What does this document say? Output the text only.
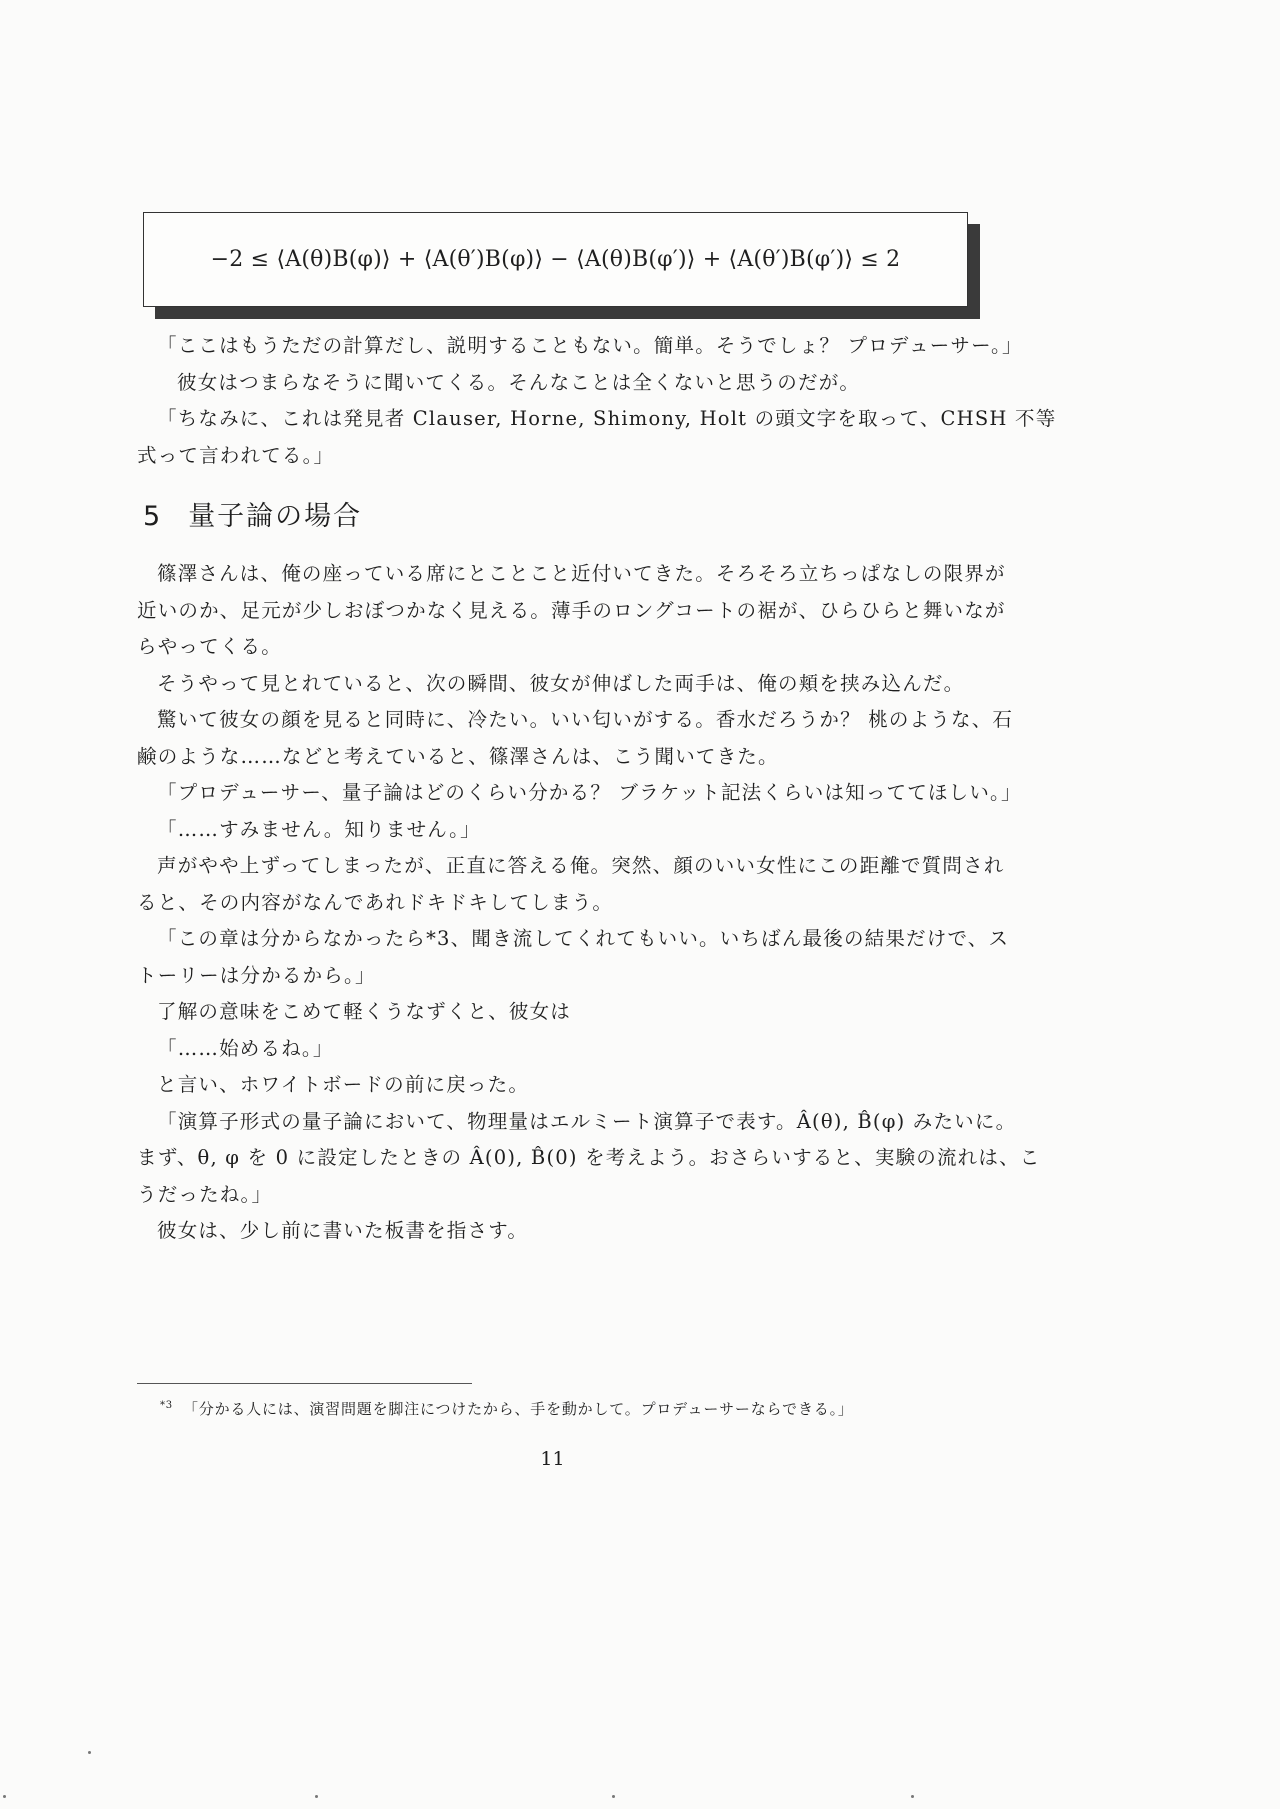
−2 ≤ ⟨A(θ)B(φ)⟩ + ⟨A(θ′)B(φ)⟩ − ⟨A(θ)B(φ′)⟩ + ⟨A(θ′)B(φ′)⟩ ≤ 2

「ここはもうただの計算だし、説明することもない。簡単。そうでしょ？ プロデューサー。」

彼女はつまらなそうに聞いてくる。そんなことは全くないと思うのだが。

「ちなみに、これは発見者 Clauser, Horne, Shimony, Holt の頭文字を取って、CHSH 不等

式って言われてる。」

5 量子論の場合

篠澤さんは、俺の座っている席にとことこと近付いてきた。そろそろ立ちっぱなしの限界が

近いのか、足元が少しおぼつかなく見える。薄手のロングコートの裾が、ひらひらと舞いなが

らやってくる。

そうやって見とれていると、次の瞬間、彼女が伸ばした両手は、俺の頬を挟み込んだ。

驚いて彼女の顔を見ると同時に、冷たい。いい匂いがする。香水だろうか？ 桃のような、石

鹸のような……などと考えていると、篠澤さんは、こう聞いてきた。

「プロデューサー、量子論はどのくらい分かる？ ブラケット記法くらいは知っててほしい。」

「……すみません。知りません。」

声がやや上ずってしまったが、正直に答える俺。突然、顔のいい女性にこの距離で質問され

ると、その内容がなんであれドキドキしてしまう。

「この章は分からなかったら*3、聞き流してくれてもいい。いちばん最後の結果だけで、ス

トーリーは分かるから。」

了解の意味をこめて軽くうなずくと、彼女は

「……始めるね。」

と言い、ホワイトボードの前に戻った。

「演算子形式の量子論において、物理量はエルミート演算子で表す。Â(θ), B̂(φ) みたいに。

まず、θ, φ を 0 に設定したときの Â(0), B̂(0) を考えよう。おさらいすると、実験の流れは、こ

うだったね。」

彼女は、少し前に書いた板書を指さす。

$^{*3}$ 「分かる人には、演習問題を脚注につけたから、手を動かして。プロデューサーならできる。」
11
